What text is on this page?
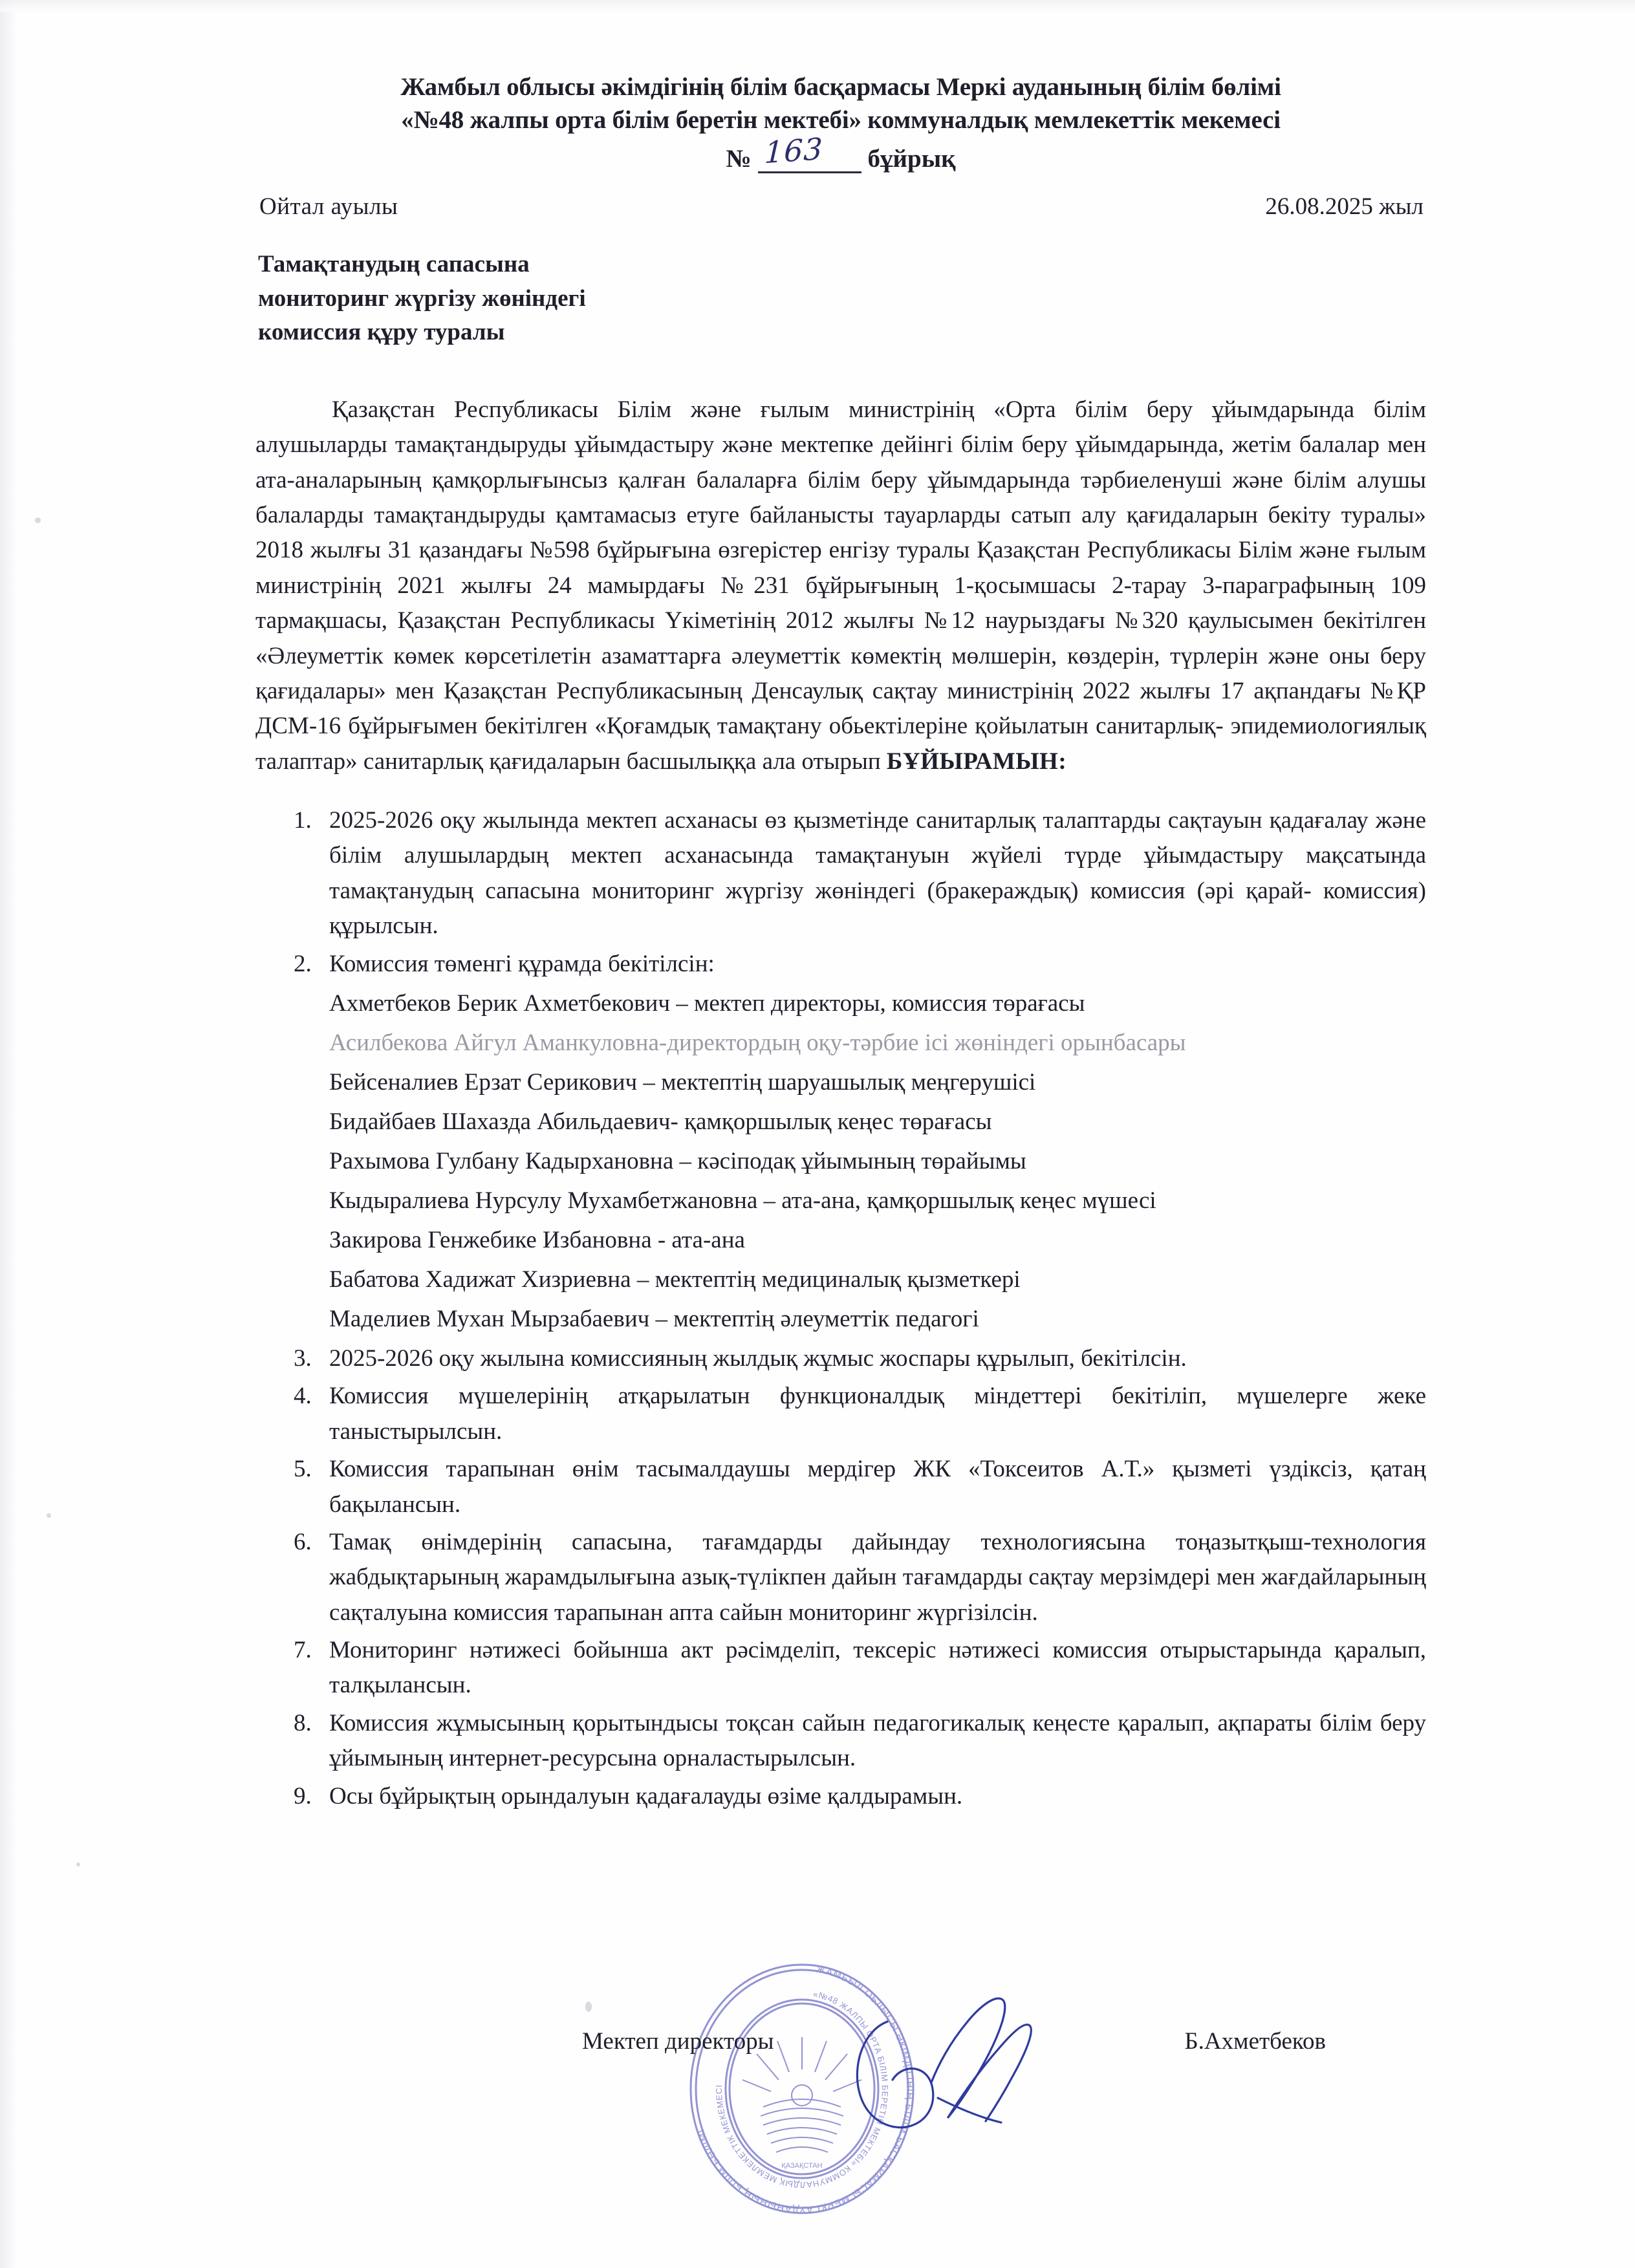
Жамбыл облысы әкімдігінің білім басқармасы Меркі ауданының білім бөлімі
«№48 жалпы орта білім беретін мектебі» коммуналдық мемлекеттік мекемесі
№ 163 бұйрық
Ойтал ауылы	26.08.2025 жыл
Тамақтанудың сапасына
мониторинг жүргізу жөніндегі
комиссия құру туралы

Қазақстан Республикасы Білім және ғылым министрінің «Орта білім беру ұйымдарында білім алушыларды тамақтандыруды ұйымдастыру және мектепке дейінгі білім беру ұйымдарында, жетім балалар мен ата-аналарының қамқорлығынсыз қалған балаларға білім беру ұйымдарында тәрбиеленуші және білім алушы балаларды тамақтандыруды қамтамасыз етуге байланысты тауарларды сатып алу қағидаларын бекіту туралы» 2018 жылғы 31 қазандағы №598 бұйрығына өзгерістер енгізу туралы Қазақстан Республикасы Білім және ғылым министрінің 2021 жылғы 24 мамырдағы №231 бұйрығының 1-қосымшасы 2-тарау 3-параграфының 109 тармақшасы, Қазақстан Республикасы Үкіметінің 2012 жылғы №12 наурыздағы №320 қаулысымен бекітілген «Әлеуметтік көмек көрсетілетін азаматтарға әлеуметтік көмектің мөлшерін, көздерін, түрлерін және оны беру қағидалары» мен Қазақстан Республикасының Денсаулық сақтау министрінің 2022 жылғы 17 ақпандағы №ҚР ДСМ-16 бұйрығымен бекітілген «Қоғамдық тамақтану обьектілеріне қойылатын санитарлық- эпидемиологиялық талаптар» санитарлық қағидаларын басшылыққа ала отырып БҰЙЫРАМЫН:

1. 2025-2026 оқу жылында мектеп асханасы өз қызметінде санитарлық талаптарды сақтауын қадағалау және білім алушылардың мектеп асханасында тамақтануын жүйелі түрде ұйымдастыру мақсатында тамақтанудың сапасына мониторинг жүргізу жөніндегі (бракераждық) комиссия (әрі қарай- комиссия) құрылсын.
2. Комиссия төменгі құрамда бекітілсін:
Ахметбеков Берик Ахметбекович – мектеп директоры, комиссия төрағасы
Асилбекова Айгул Аманкуловна-директордың оқу-тәрбие ісі жөніндегі орынбасары
Бейсеналиев Ерзат Серикович – мектептің шаруашылық меңгерушісі
Бидайбаев Шахазда Абильдаевич- қамқоршылық кеңес төрағасы
Рахымова Гулбану Кадырхановна – кәсіподақ ұйымының төрайымы
Кыдыралиева Нурсулу Мухамбетжановна – ата-ана, қамқоршылық кеңес мүшесі
Закирова Генжебике Избановна - ата-ана
Бабатова Хадижат Хизриевна – мектептің медициналық қызметкері
Маделиев Мухан Мырзабаевич – мектептің әлеуметтік педагогі
3. 2025-2026 оқу жылына комиссияның жылдық жұмыс жоспары құрылып, бекітілсін.
4. Комиссия мүшелерінің атқарылатын функционалдық міндеттері бекітіліп, мүшелерге жеке таныстырылсын.
5. Комиссия тарапынан өнім тасымалдаушы мердігер ЖК «Токсеитов А.Т.» қызметі үздіксіз, қатаң бақылансын.
6. Тамақ өнімдерінің сапасына, тағамдарды дайындау технологиясына тоңазытқыш-технология жабдықтарының жарамдылығына азық-түлікпен дайын тағамдарды сақтау мерзімдері мен жағдайларының сақталуына комиссия тарапынан апта сайын мониторинг жүргізілсін.
7. Мониторинг нәтижесі бойынша акт рәсімделіп, тексеріс нәтижесі комиссия отырыстарында қаралып, талқылансын.
8. Комиссия жұмысының қорытындысы тоқсан сайын педагогикалық кеңесте қаралып, ақпараты білім беру ұйымының интернет-ресурсына орналастырылсын.
9. Осы бұйрықтың орындалуын қадағалауды өзіме қалдырамын.
ЖАМБЫЛ ОБЛЫСЫ ӘКІМДІГІНІҢ БІЛІМ БАСҚАРМАСЫ МЕРКІ АУДАНЫНЫҢ БІЛІМ БӨЛІМІ
«№48 ЖАЛПЫ ОРТА БІЛІМ БЕРЕТІН МЕКТЕБІ» КОММУНАЛДЫҚ МЕМЛЕКЕТТІК МЕКЕМЕСІ
ҚАЗАҚСТАН
Мектеп директоры	Б.Ахметбеков
